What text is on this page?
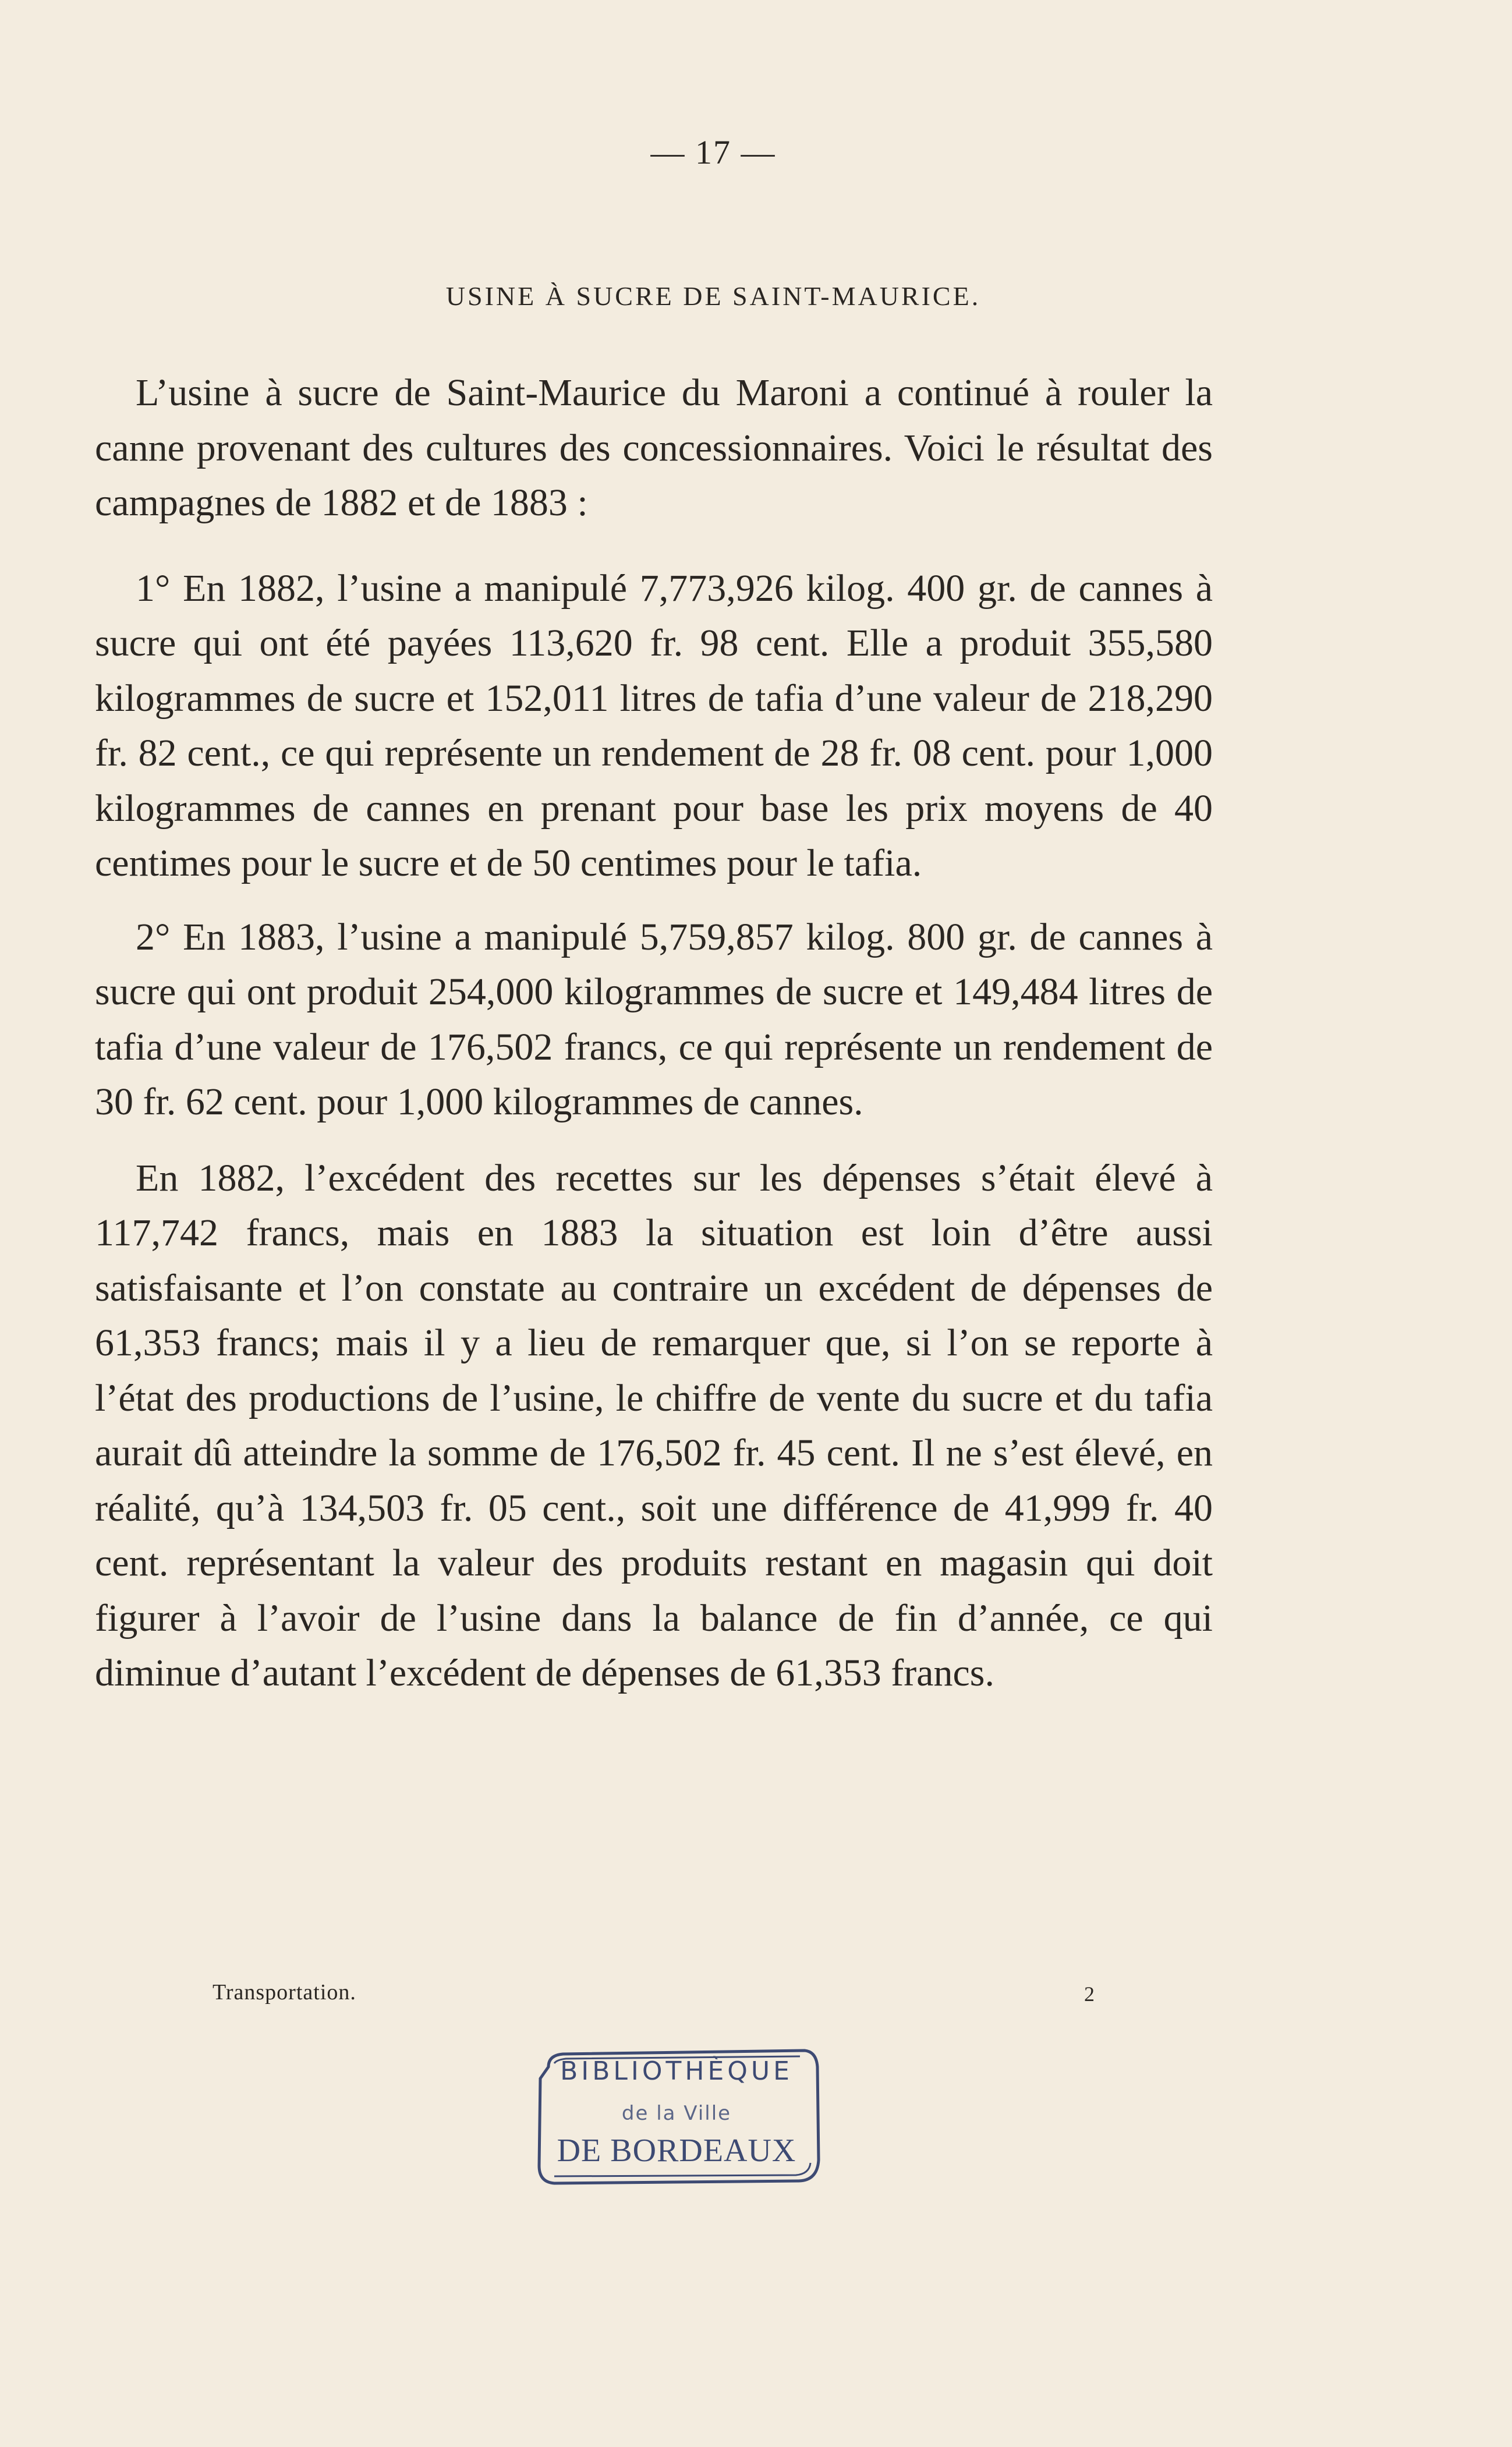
— 17 —
USINE À SUCRE DE SAINT-MAURICE.

L’usine à sucre de Saint-Maurice du Maroni a continué à rouler la canne provenant des cultures des concessionnaires. Voici le résultat des campagnes de 1882 et de 1883 :

1° En 1882, l’usine a manipulé 7,773,926 kilog. 400 gr. de cannes à sucre qui ont été payées 113,620 fr. 98 cent. Elle a produit 355,580 kilogrammes de sucre et 152,011 litres de tafia d’une valeur de 218,290 fr. 82 cent., ce qui représente un rendement de 28 fr. 08 cent. pour 1,000 kilogrammes de cannes en prenant pour base les prix moyens de 40 centimes pour le sucre et de 50 centimes pour le tafia.

2° En 1883, l’usine a manipulé 5,759,857 kilog. 800 gr. de cannes à sucre qui ont produit 254,000 kilogrammes de sucre et 149,484 litres de tafia d’une valeur de 176,502 francs, ce qui représente un rendement de 30 fr. 62 cent. pour 1,000 kilogrammes de cannes.

En 1882, l’excédent des recettes sur les dépenses s’était élevé à 117,742 francs, mais en 1883 la situation est loin d’être aussi satisfaisante et l’on constate au contraire un excédent de dépenses de 61,353 francs; mais il y a lieu de remarquer que, si l’on se reporte à l’état des productions de l’usine, le chiffre de vente du sucre et du tafia aurait dû atteindre la somme de 176,502 fr. 45 cent. Il ne s’est élevé, en réalité, qu’à 134,503 fr. 05 cent., soit une différence de 41,999 fr. 40 cent. représentant la valeur des produits restant en magasin qui doit figurer à l’avoir de l’usine dans la balance de fin d’année, ce qui diminue d’autant l’excédent de dépenses de 61,353 francs.

Transportation.	2
BIBLIOTHÈQUE
de la Ville
DE BORDEAUX
